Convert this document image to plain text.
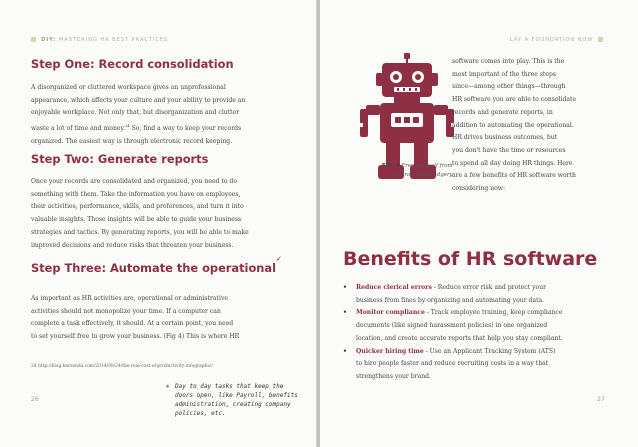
DIY: MASTERING HR BEST PRACTICES
Step One: Record consolidation

A disorganized or cluttered workspace gives an unprofessional
appearance, which affects your culture and your ability to provide an
enjoyable workplace. Not only that, but disorganization and clutter
waste a lot of time and money.$^{24}$ So, find a way to keep your records
organized. The easiest way is through electronic record keeping.

Step Two: Generate reports

Once your records are consolidated and organized, you need to do
something with them. Take the information you have on employees,
their activities, performance, skills, and preferences, and turn it into
valuable insights. Those insights will be able to guide your business
strategies and tactics. By generating reports, you will be able to make
improved decisions and reduce risks that threaten your business.

Step Three: Automate the operational✓

As important as HR activities are, operational or administrative
activities should not monopolize your time. If a computer can
complete a task effectively, it should. At a certain point, you need
to set yourself free to grow your business. (Fig 4) This is where HR

24 http://blog.hersenda.com/2014/09/24/the-real-cost-of-productivity-infographic/
26
✳ Day to day tasks that keep the
doors open, like Payroll, benefits
administration, creating company
policies, etc.
LAY A FOUNDATION NOW
FIG. 4 Free yourself from
operational drudgery

software comes into play. This is the
most important of the three steps
since—among other things—through
HR software you are able to consolidate
records and generate reports, in
addition to automating the operational.
HR drives business outcomes, but
you don't have the time or resources
to spend all day doing HR things. Here
are a few benefits of HR software worth
considering now:

Benefits of HR software
• Reduce clerical errors - Reduce error risk and protect your
business from fines by organizing and automating your data.
• Monitor compliance - Track employee training, keep compliance
documents (like signed harassment policies) in one organized
location, and create accurate reports that help you stay compliant.
• Quicker hiring time - Use an Applicant Tracking System (ATS)
to hire people faster and reduce recruiting costs in a way that
strengthens your brand.
27
